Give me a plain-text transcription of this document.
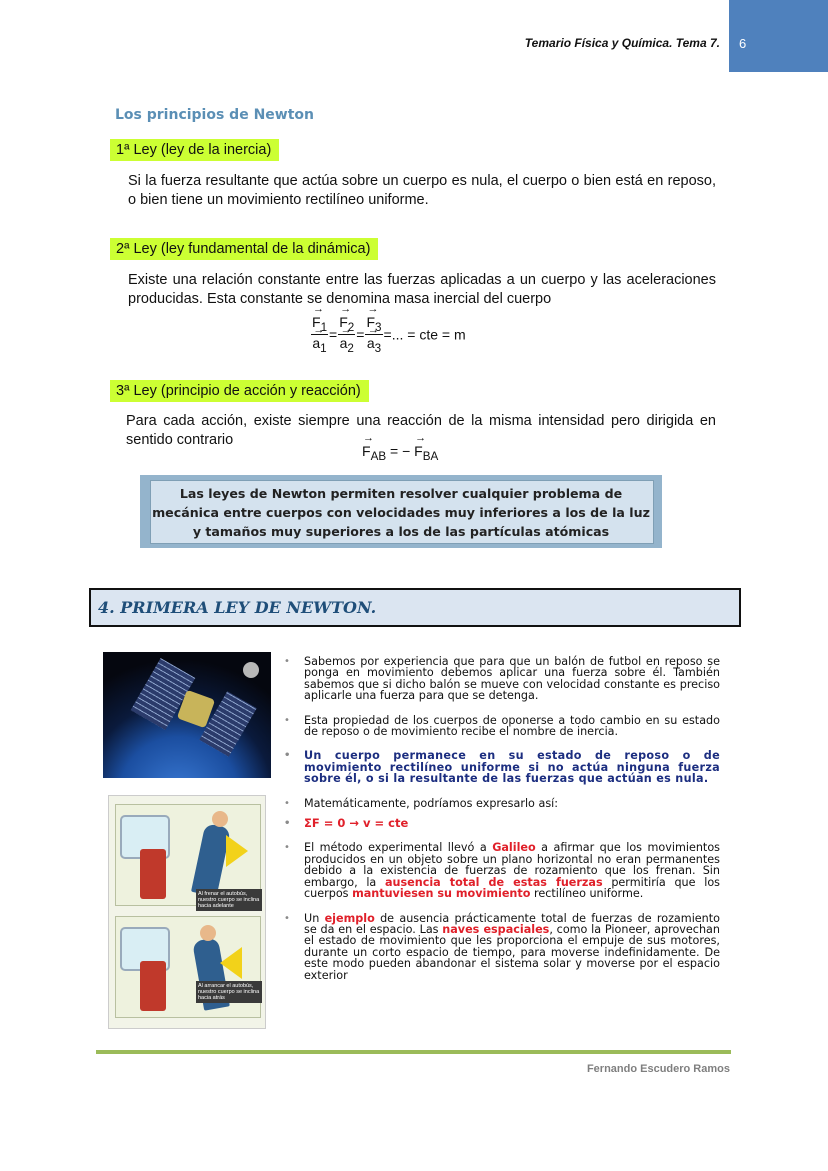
Temario Física y Química. Tema 7. 6
Los principios de Newton
1ª Ley (ley de la inercia)
Si la fuerza resultante que actúa sobre un cuerpo es nula, el cuerpo o bien está en reposo, o bien tiene un movimiento rectilíneo uniforme.
2ª Ley (ley fundamental de la dinámica)
Existe una relación constante entre las fuerzas aplicadas a un cuerpo y las aceleraciones producidas. Esta constante se denomina masa inercial del cuerpo
→ $F_1$
→ $a_1$ = → $F_2$
→ $a_2$ = → $F_3$
→ $a_3$ =... = cte = m
3ª Ley (principio de acción y reacción)
Para cada acción, existe siempre una reacción de la misma intensidad pero dirigida en sentido contrario
→ $F_{AB}$ = − → $F_{BA}$
Las leyes de Newton permiten resolver cualquier problema de mecánica entre cuerpos con velocidades muy inferiores a los de la luz y tamaños muy superiores a los de las partículas atómicas
4. PRIMERA LEY DE NEWTON.
Al frenar el autobús, nuestro cuerpo se inclina hacia adelante
Al arrancar el autobús, nuestro cuerpo se inclina hacia atrás
• Sabemos por experiencia que para que un balón de futbol en reposo se ponga en movimiento debemos aplicar una fuerza sobre él. También sabemos que si dicho balón se mueve con velocidad constante es preciso aplicarle una fuerza para que se detenga.
• Esta propiedad de los cuerpos de oponerse a todo cambio en su estado de reposo o de movimiento recibe el nombre de inercia.
• Un cuerpo permanece en su estado de reposo o de movimiento rectilíneo uniforme si no actúa ninguna fuerza sobre él, o si la resultante de las fuerzas que actúan es nula.
• Matemáticamente, podríamos expresarlo así:
• ΣF = 0 → v = cte
• El método experimental llevó a Galileo a afirmar que los movimientos producidos en un objeto sobre un plano horizontal no eran permanentes debido a la existencia de fuerzas de rozamiento que los frenan. Sin embargo, la ausencia total de estas fuerzas permitiría que los cuerpos mantuviesen su movimiento rectilíneo uniforme.
• Un ejemplo de ausencia prácticamente total de fuerzas de rozamiento se da en el espacio. Las naves espaciales, como la Pioneer, aprovechan el estado de movimiento que les proporciona el empuje de sus motores, durante un corto espacio de tiempo, para moverse indefinidamente. De este modo pueden abandonar el sistema solar y moverse por el espacio exterior
Fernando Escudero Ramos
